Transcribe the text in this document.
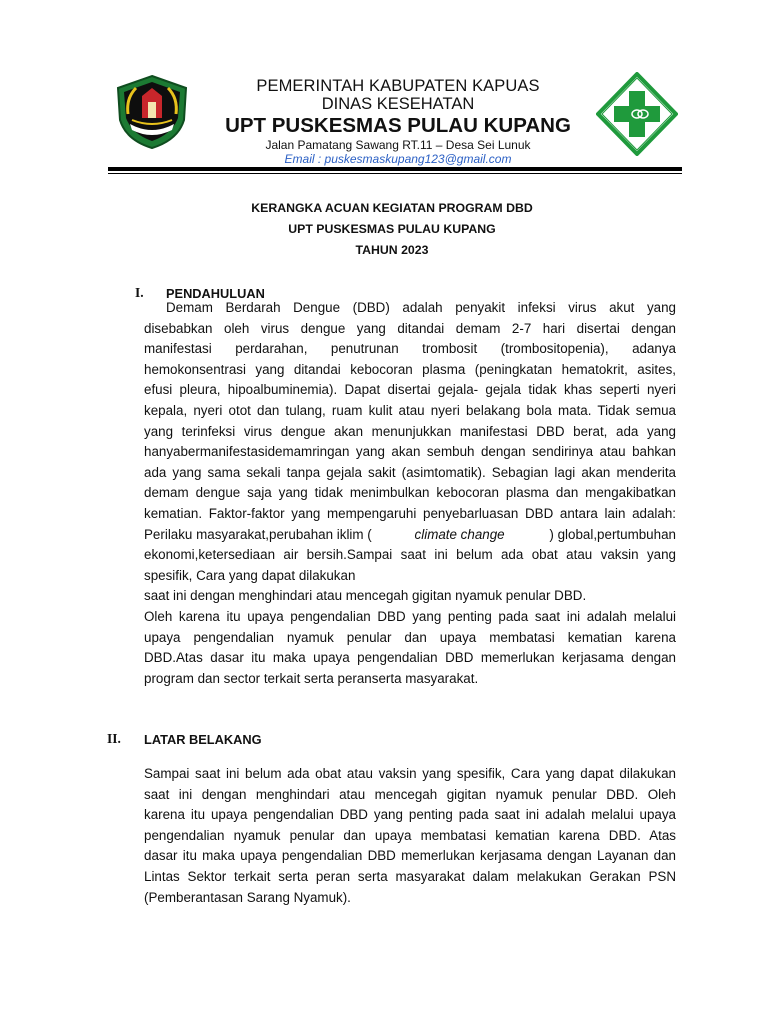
PEMERINTAH KABUPATEN KAPUAS
DINAS KESEHATAN
UPT PUSKESMAS PULAU KUPANG
Jalan Pamatang Sawang RT.11 – Desa Sei Lunuk
Email : puskesmaskupang123@gmail.com
KERANGKA ACUAN KEGIATAN PROGRAM DBD
UPT PUSKESMAS PULAU KUPANG
TAHUN 2023
I. PENDAHULUAN
Demam Berdarah Dengue (DBD) adalah penyakit infeksi virus akut yang
disebabkan oleh virus dengue yang ditandai demam 2-7 hari disertai dengan
manifestasi perdarahan, penutrunan trombosit (trombositopenia), adanya
hemokonsentrasi yang ditandai kebocoran plasma (peningkatan hematokrit, asites,
efusi pleura, hipoalbuminemia). Dapat disertai gejala- gejala tidak khas seperti nyeri
kepala, nyeri otot dan tulang, ruam kulit atau nyeri belakang bola mata. Tidak semua
yang terinfeksi virus dengue akan menunjukkan manifestasi DBD berat, ada yang
hanyabermanifestasidemamringan yang akan sembuh dengan sendirinya atau bahkan
ada yang sama sekali tanpa gejala sakit (asimtomatik). Sebagian lagi akan menderita
demam dengue saja yang tidak menimbulkan kebocoran plasma dan mengakibatkan
kematian. Faktor-faktor yang mempengaruhi penyebarluasan DBD antara lain adalah:
Perilaku masyarakat,perubahan iklim (	climate change	) global,pertumbuhan
ekonomi,ketersediaan air bersih.Sampai saat ini belum ada obat atau vaksin yang
spesifik, Cara yang dapat dilakukan
saat ini dengan menghindari atau mencegah gigitan nyamuk penular DBD.
Oleh karena itu upaya pengendalian DBD yang penting pada saat ini adalah melalui
upaya pengendalian nyamuk penular dan upaya membatasi kematian karena
DBD.Atas dasar itu maka upaya pengendalian DBD memerlukan kerjasama dengan
program dan sector terkait serta peranserta masyarakat.
II. LATAR BELAKANG
Sampai saat ini belum ada obat atau vaksin yang spesifik, Cara yang dapat dilakukan
saat ini dengan menghindari atau mencegah gigitan nyamuk penular DBD. Oleh
karena itu upaya pengendalian DBD yang penting pada saat ini adalah melalui upaya
pengendalian nyamuk penular dan upaya membatasi kematian karena DBD. Atas
dasar itu maka upaya pengendalian DBD memerlukan kerjasama dengan Layanan dan
Lintas Sektor terkait serta peran serta masyarakat dalam melakukan Gerakan PSN
(Pemberantasan Sarang Nyamuk).
